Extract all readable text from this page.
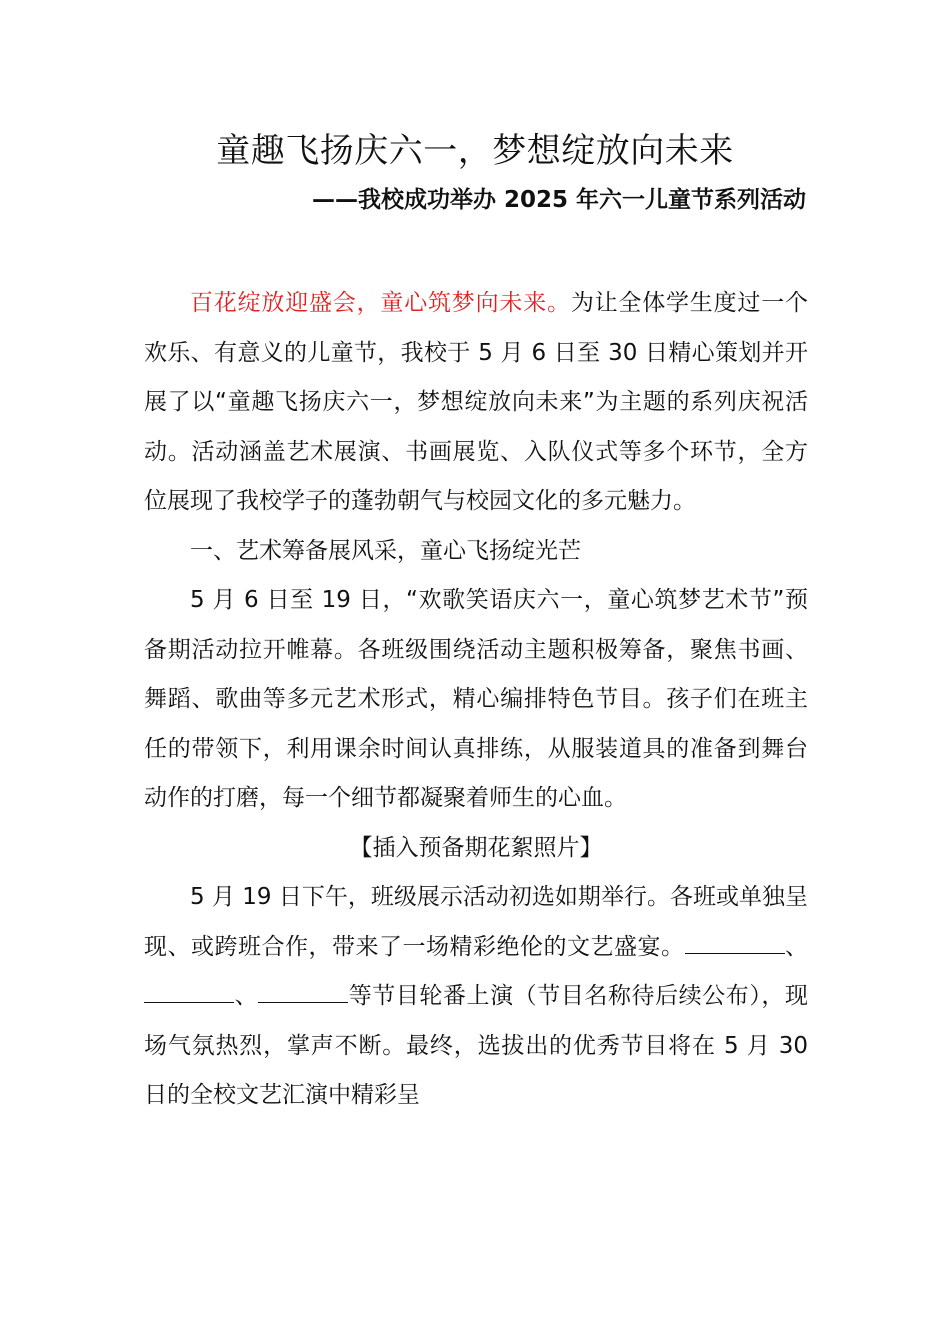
童趣飞扬庆六一，梦想绽放向未来
——我校成功举办 2025 年六一儿童节系列活动

百花绽放迎盛会，童心筑梦向未来。为让全体学生度过一个欢乐、有意义的儿童节，我校于 5 月 6 日至 30 日精心策划并开展了以“童趣飞扬庆六一，梦想绽放向未来”为主题的系列庆祝活动。活动涵盖艺术展演、书画展览、入队仪式等多个环节，全方位展现了我校学子的蓬勃朝气与校园文化的多元魅力。

一、艺术筹备展风采，童心飞扬绽光芒

5 月 6 日至 19 日，“欢歌笑语庆六一，童心筑梦艺术节”预备期活动拉开帷幕。各班级围绕活动主题积极筹备，聚焦书画、舞蹈、歌曲等多元艺术形式，精心编排特色节目。孩子们在班主任的带领下，利用课余时间认真排练，从服装道具的准备到舞台动作的打磨，每一个细节都凝聚着师生的心血。

【插入预备期花絮照片】

5 月 19 日下午，班级展示活动初选如期举行。各班或单独呈现、或跨班合作，带来了一场精彩绝伦的文艺盛宴。	、、	等节目轮番上演（节目名称待后续公布），现场气氛热烈，掌声不断。最终，选拔出的优秀节目将在 5 月 30 日的全校文艺汇演中精彩呈
